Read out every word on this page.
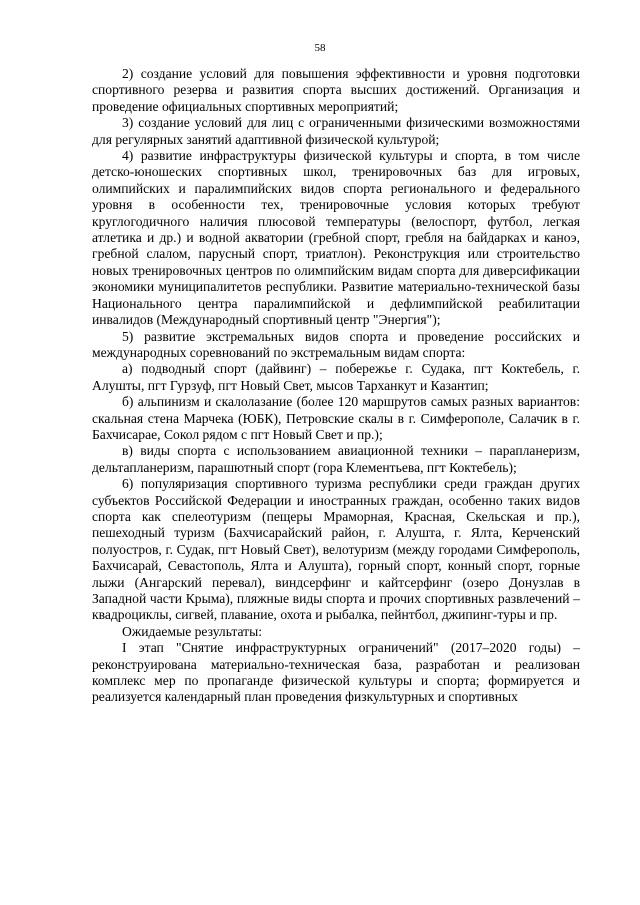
58

2) создание условий для повышения эффективности и уровня подготовки спортивного резерва и развития спорта высших достижений. Организация и проведение официальных спортивных мероприятий;

3) создание условий для лиц с ограниченными физическими возможностями для регулярных занятий адаптивной физической культурой;

4) развитие инфраструктуры физической культуры и спорта, в том числе детско-юношеских спортивных школ, тренировочных баз для игровых, олимпийских и паралимпийских видов спорта регионального и федерального уровня в особенности тех, тренировочные условия которых требуют круглогодичного наличия плюсовой температуры (велоспорт, футбол, легкая атлетика и др.) и водной акватории (гребной спорт, гребля на байдарках и каноэ, гребной слалом, парусный спорт, триатлон). Реконструкция или строительство новых тренировочных центров по олимпийским видам спорта для диверсификации экономики муниципалитетов республики. Развитие материально-технической базы Национального центра паралимпийской и дефлимпийской реабилитации инвалидов (Международный спортивный центр "Энергия");

5) развитие экстремальных видов спорта и проведение российских и международных соревнований по экстремальным видам спорта:

а) подводный спорт (дайвинг) – побережье г. Судака, пгт Коктебель, г. Алушты, пгт Гурзуф, пгт Новый Свет, мысов Тарханкут и Казантип;

б) альпинизм и скалолазание (более 120 маршрутов самых разных вариантов: скальная стена Марчека (ЮБК), Петровские скалы в г. Симферополе, Салачик в г. Бахчисарае, Сокол рядом с пгт Новый Свет и пр.);

в) виды спорта с использованием авиационной техники – парапланеризм, дельтапланеризм, парашютный спорт (гора Клементьева, пгт Коктебель);

6) популяризация спортивного туризма республики среди граждан других субъектов Российской Федерации и иностранных граждан, особенно таких видов спорта как спелеотуризм (пещеры Мраморная, Красная, Скельская и пр.), пешеходный туризм (Бахчисарайский район, г. Алушта, г. Ялта, Керченский полуостров, г. Судак, пгт Новый Свет), велотуризм (между городами Симферополь, Бахчисарай, Севастополь, Ялта и Алушта), горный спорт, конный спорт, горные лыжи (Ангарский перевал), виндсерфинг и кайтсерфинг (озеро Донузлав в Западной части Крыма), пляжные виды спорта и прочих спортивных развлечений – квадроциклы, сигвей, плавание, охота и рыбалка, пейнтбол, джипинг-туры и пр.

Ожидаемые результаты:

I этап "Снятие инфраструктурных ограничений" (2017–2020 годы) – реконструирована материально-техническая база, разработан и реализован комплекс мер по пропаганде физической культуры и спорта; формируется и реализуется календарный план проведения физкультурных и спортивных
